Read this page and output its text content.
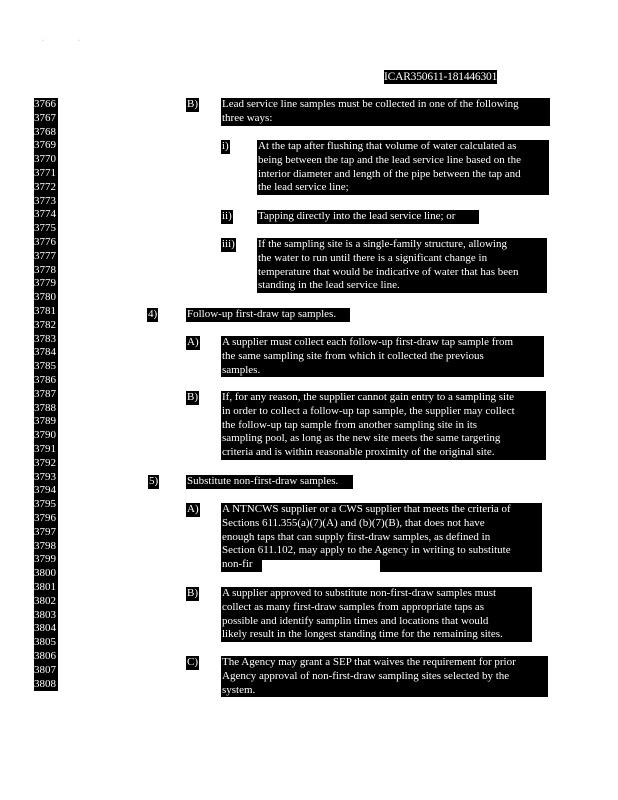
·	·
ICAR350611-181446301
3766
3767
3768
3769
3770
3771
3772
3773
3774
3775
3776
3777
3778
3779
3780
3781
3782
3783
3784
3785
3786
3787
3788
3789
3790
3791
3792
3793
3794
3795
3796
3797
3798
3799
3800
3801
3802
3803
3804
3805
3806
3807
3808
B) Lead service line samples must be collected in one of the following
three ways:
i)	At the tap after flushing that volume of water calculated as
being between the tap and the lead service line based on the
interior diameter and length of the pipe between the tap and
the lead service line;
ii) Tapping directly into the lead service line; or
iii) If the sampling site is a single-family structure, allowing
the water to run until there is a significant change in
temperature that would be indicative of water that has been
standing in the lead service line.
4)	Follow-up first-draw tap samples.
A) A supplier must collect each follow-up first-draw tap sample from
the same sampling site from which it collected the previous
samples.
B) If, for any reason, the supplier cannot gain entry to a sampling site
in order to collect a follow-up tap sample, the supplier may collect
the follow-up tap sample from another sampling site in its
sampling pool, as long as the new site meets the same targeting
criteria and is within reasonable proximity of the original site.
5)	Substitute non-first-draw samples.
A) A NTNCWS supplier or a CWS supplier that meets the criteria of
Sections 611.355(a)(7)(A) and (b)(7)(B), that does not have
enough taps that can supply first-draw samples, as defined in
Section 611.102, may apply to the Agency in writing to substitute
non-fir
B) A supplier approved to substitute non-first-draw samples must
collect as many first-draw samples from appropriate taps as
possible and identify samplin times and locations that would
likely result in the longest standing time for the remaining sites.
C) The Agency may grant a SEP that waives the requirement for prior
Agency approval of non-first-draw sampling sites selected by the
system.
